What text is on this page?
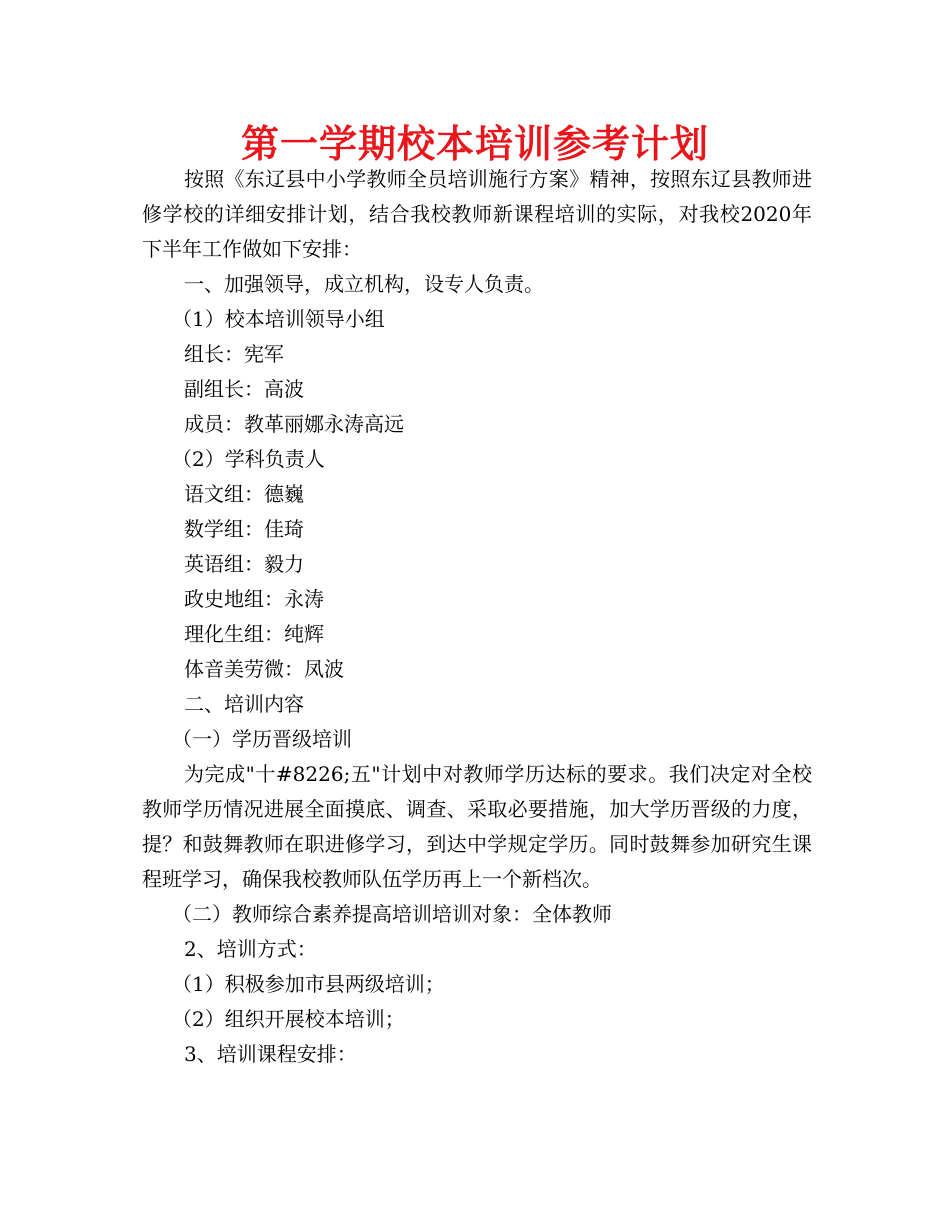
第一学期校本培训参考计划

按照《东辽县中小学教师全员培训施行方案》精神，按照东辽县教师进修学校的详细安排计划，结合我校教师新课程培训的实际，对我校2020年下半年工作做如下安排：

一、加强领导，成立机构，设专人负责。

（1）校本培训领导小组

组长：宪军

副组长：高波

成员：教革丽娜永涛高远

（2）学科负责人

语文组：德巍

数学组：佳琦

英语组：毅力

政史地组：永涛

理化生组：纯辉

体音美劳微：凤波

二、培训内容

（一）学历晋级培训

为完成"十#8226;五"计划中对教师学历达标的要求。我们决定对全校教师学历情况进展全面摸底、调查、采取必要措施，加大学历晋级的力度，提？和鼓舞教师在职进修学习，到达中学规定学历。同时鼓舞参加研究生课程班学习，确保我校教师队伍学历再上一个新档次。

（二）教师综合素养提高培训培训对象：全体教师

2、培训方式：

（1）积极参加市县两级培训；

（2）组织开展校本培训；

3、培训课程安排：
